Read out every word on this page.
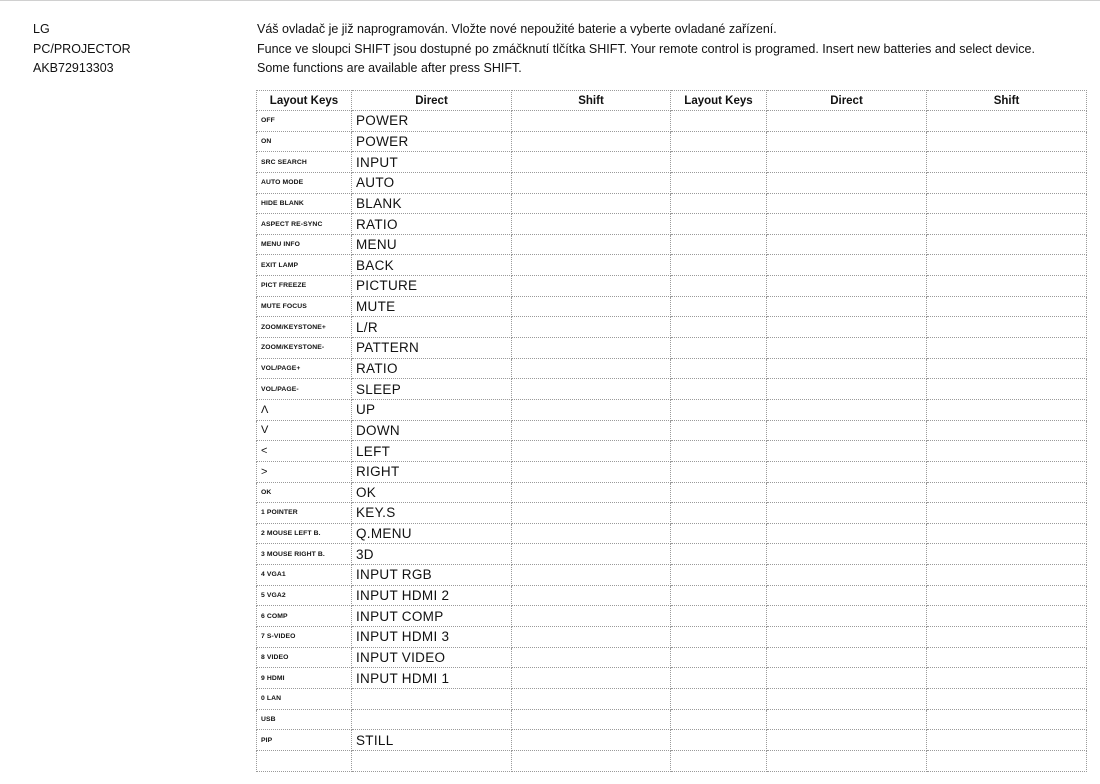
LG
PC/PROJECTOR
AKB72913303
Váš ovladač je již naprogramován. Vložte nové nepoužité baterie a vyberte ovladané zařízení.
Funce ve sloupci SHIFT jsou dostupné po zmáčknutí tlčítka SHIFT. Your remote control is programed. Insert new batteries and select device.
Some functions are available after press SHIFT.
Layout Keys	Direct	Shift	Layout Keys	Direct	Shift
OFF	POWER				
ON	POWER				
SRC SEARCH	INPUT				
AUTO MODE	AUTO				
HIDE BLANK	BLANK				
ASPECT RE-SYNC	RATIO				
MENU INFO	MENU				
EXIT LAMP	BACK				
PICT FREEZE	PICTURE				
MUTE FOCUS	MUTE				
ZOOM/KEYSTONE+	L/R				
ZOOM/KEYSTONE-	PATTERN				
VOL/PAGE+	RATIO				
VOL/PAGE-	SLEEP				
Λ	UP				
V	DOWN				
<	LEFT				
>	RIGHT				
OK	OK				
1 POINTER	KEY.S				
2 MOUSE LEFT B.	Q.MENU				
3 MOUSE RIGHT B.	3D				
4 VGA1	INPUT RGB				
5 VGA2	INPUT HDMI 2				
6 COMP	INPUT COMP				
7 S-VIDEO	INPUT HDMI 3				
8 VIDEO	INPUT VIDEO				
9 HDMI	INPUT HDMI 1				
0 LAN					
USB					
PIP	STILL				
